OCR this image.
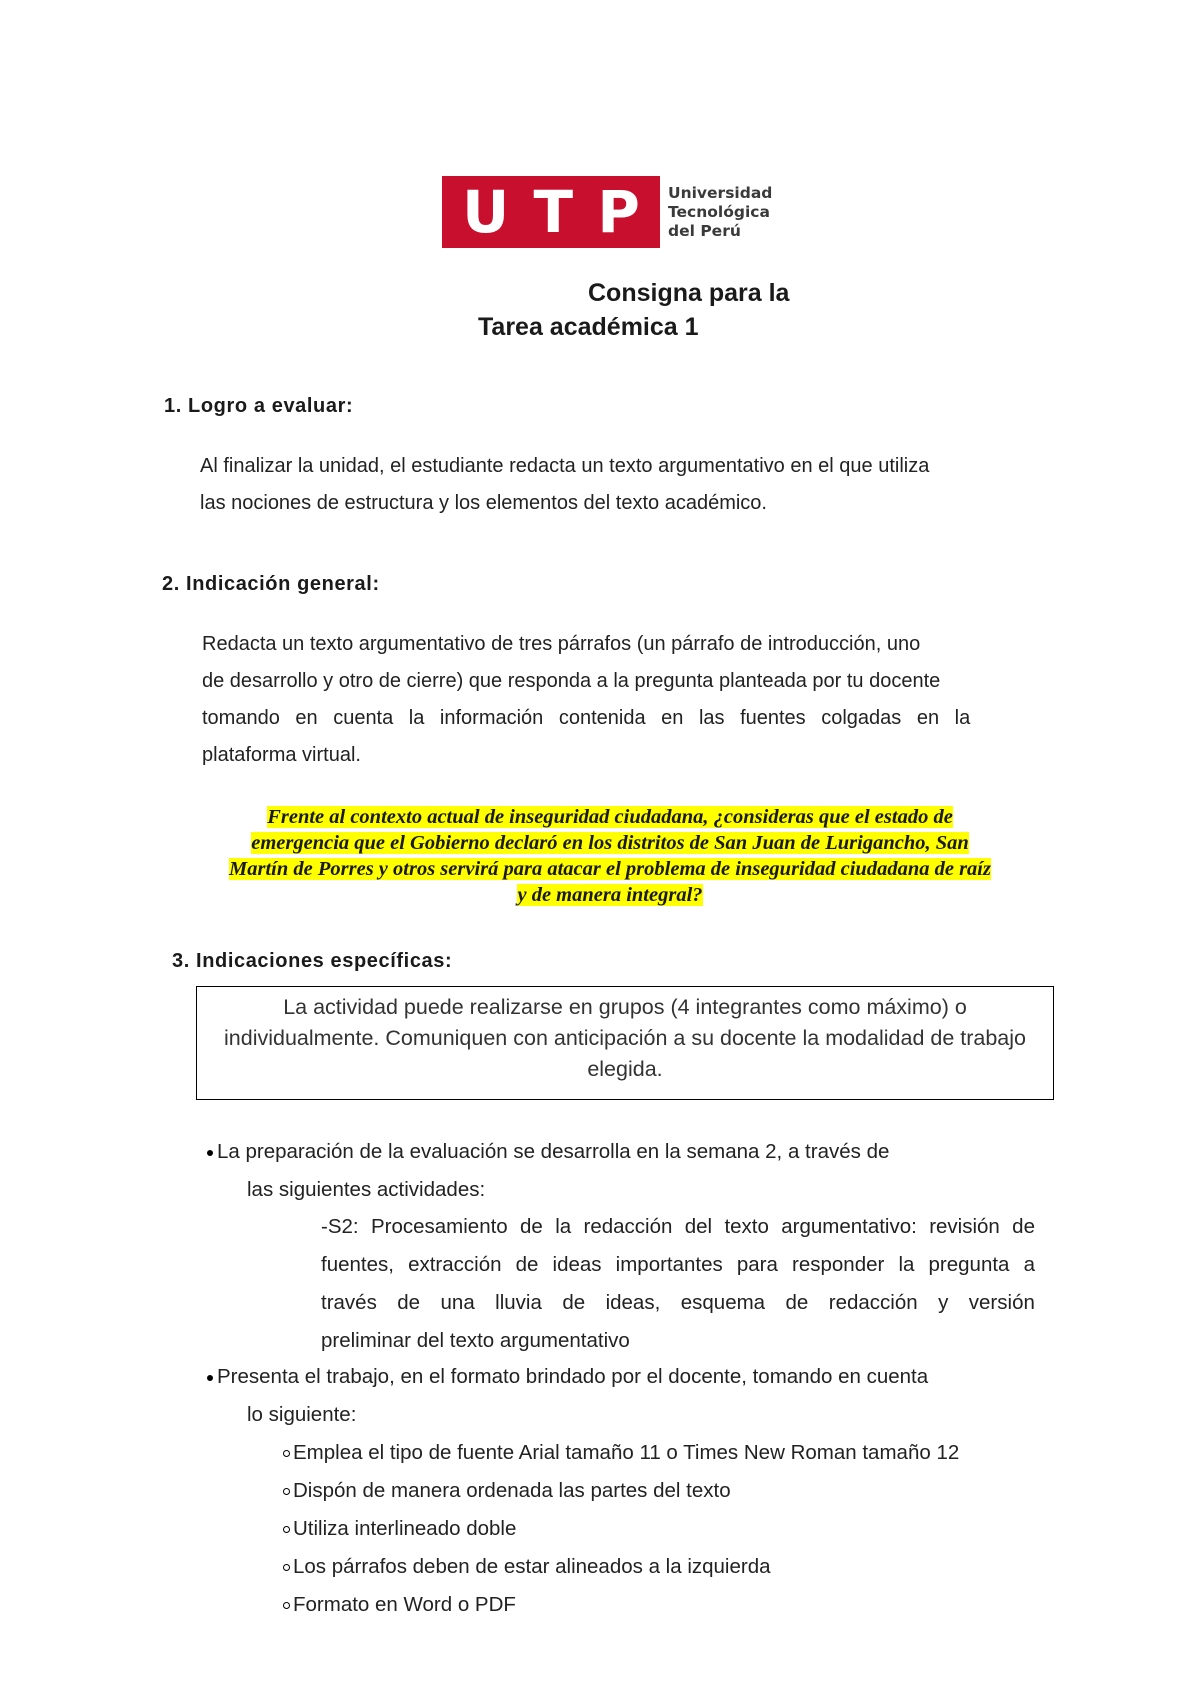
U T P Universidad
Tecnológica
del Perú
Consigna para la
Tarea académica 1
1. Logro a evaluar:
Al finalizar la unidad, el estudiante redacta un texto argumentativo en el que utiliza
las nociones de estructura y los elementos del texto académico.
2. Indicación general:
Redacta un texto argumentativo de tres párrafos (un párrafo de introducción, uno
de desarrollo y otro de cierre) que responda a la pregunta planteada por tu docente
tomando en cuenta la información contenida en las fuentes colgadas en la
plataforma virtual.
Frente al contexto actual de inseguridad ciudadana, ¿consideras que el estado de
emergencia que el Gobierno declaró en los distritos de San Juan de Lurigancho, San
Martín de Porres y otros servirá para atacar el problema de inseguridad ciudadana de raíz
y de manera integral?
3. Indicaciones específicas:
La actividad puede realizarse en grupos (4 integrantes como máximo) o
individualmente. Comuniquen con anticipación a su docente la modalidad de trabajo
elegida.
La preparación de la evaluación se desarrolla en la semana 2, a través de
las siguientes actividades:
-S2: Procesamiento de la redacción del texto argumentativo: revisión de
fuentes, extracción de ideas importantes para responder la pregunta a
través de una lluvia de ideas, esquema de redacción y versión
preliminar del texto argumentativo
Presenta el trabajo, en el formato brindado por el docente, tomando en cuenta
lo siguiente:
Emplea el tipo de fuente Arial tamaño 11 o Times New Roman tamaño 12
Dispón de manera ordenada las partes del texto
Utiliza interlineado doble
Los párrafos deben de estar alineados a la izquierda
Formato en Word o PDF
